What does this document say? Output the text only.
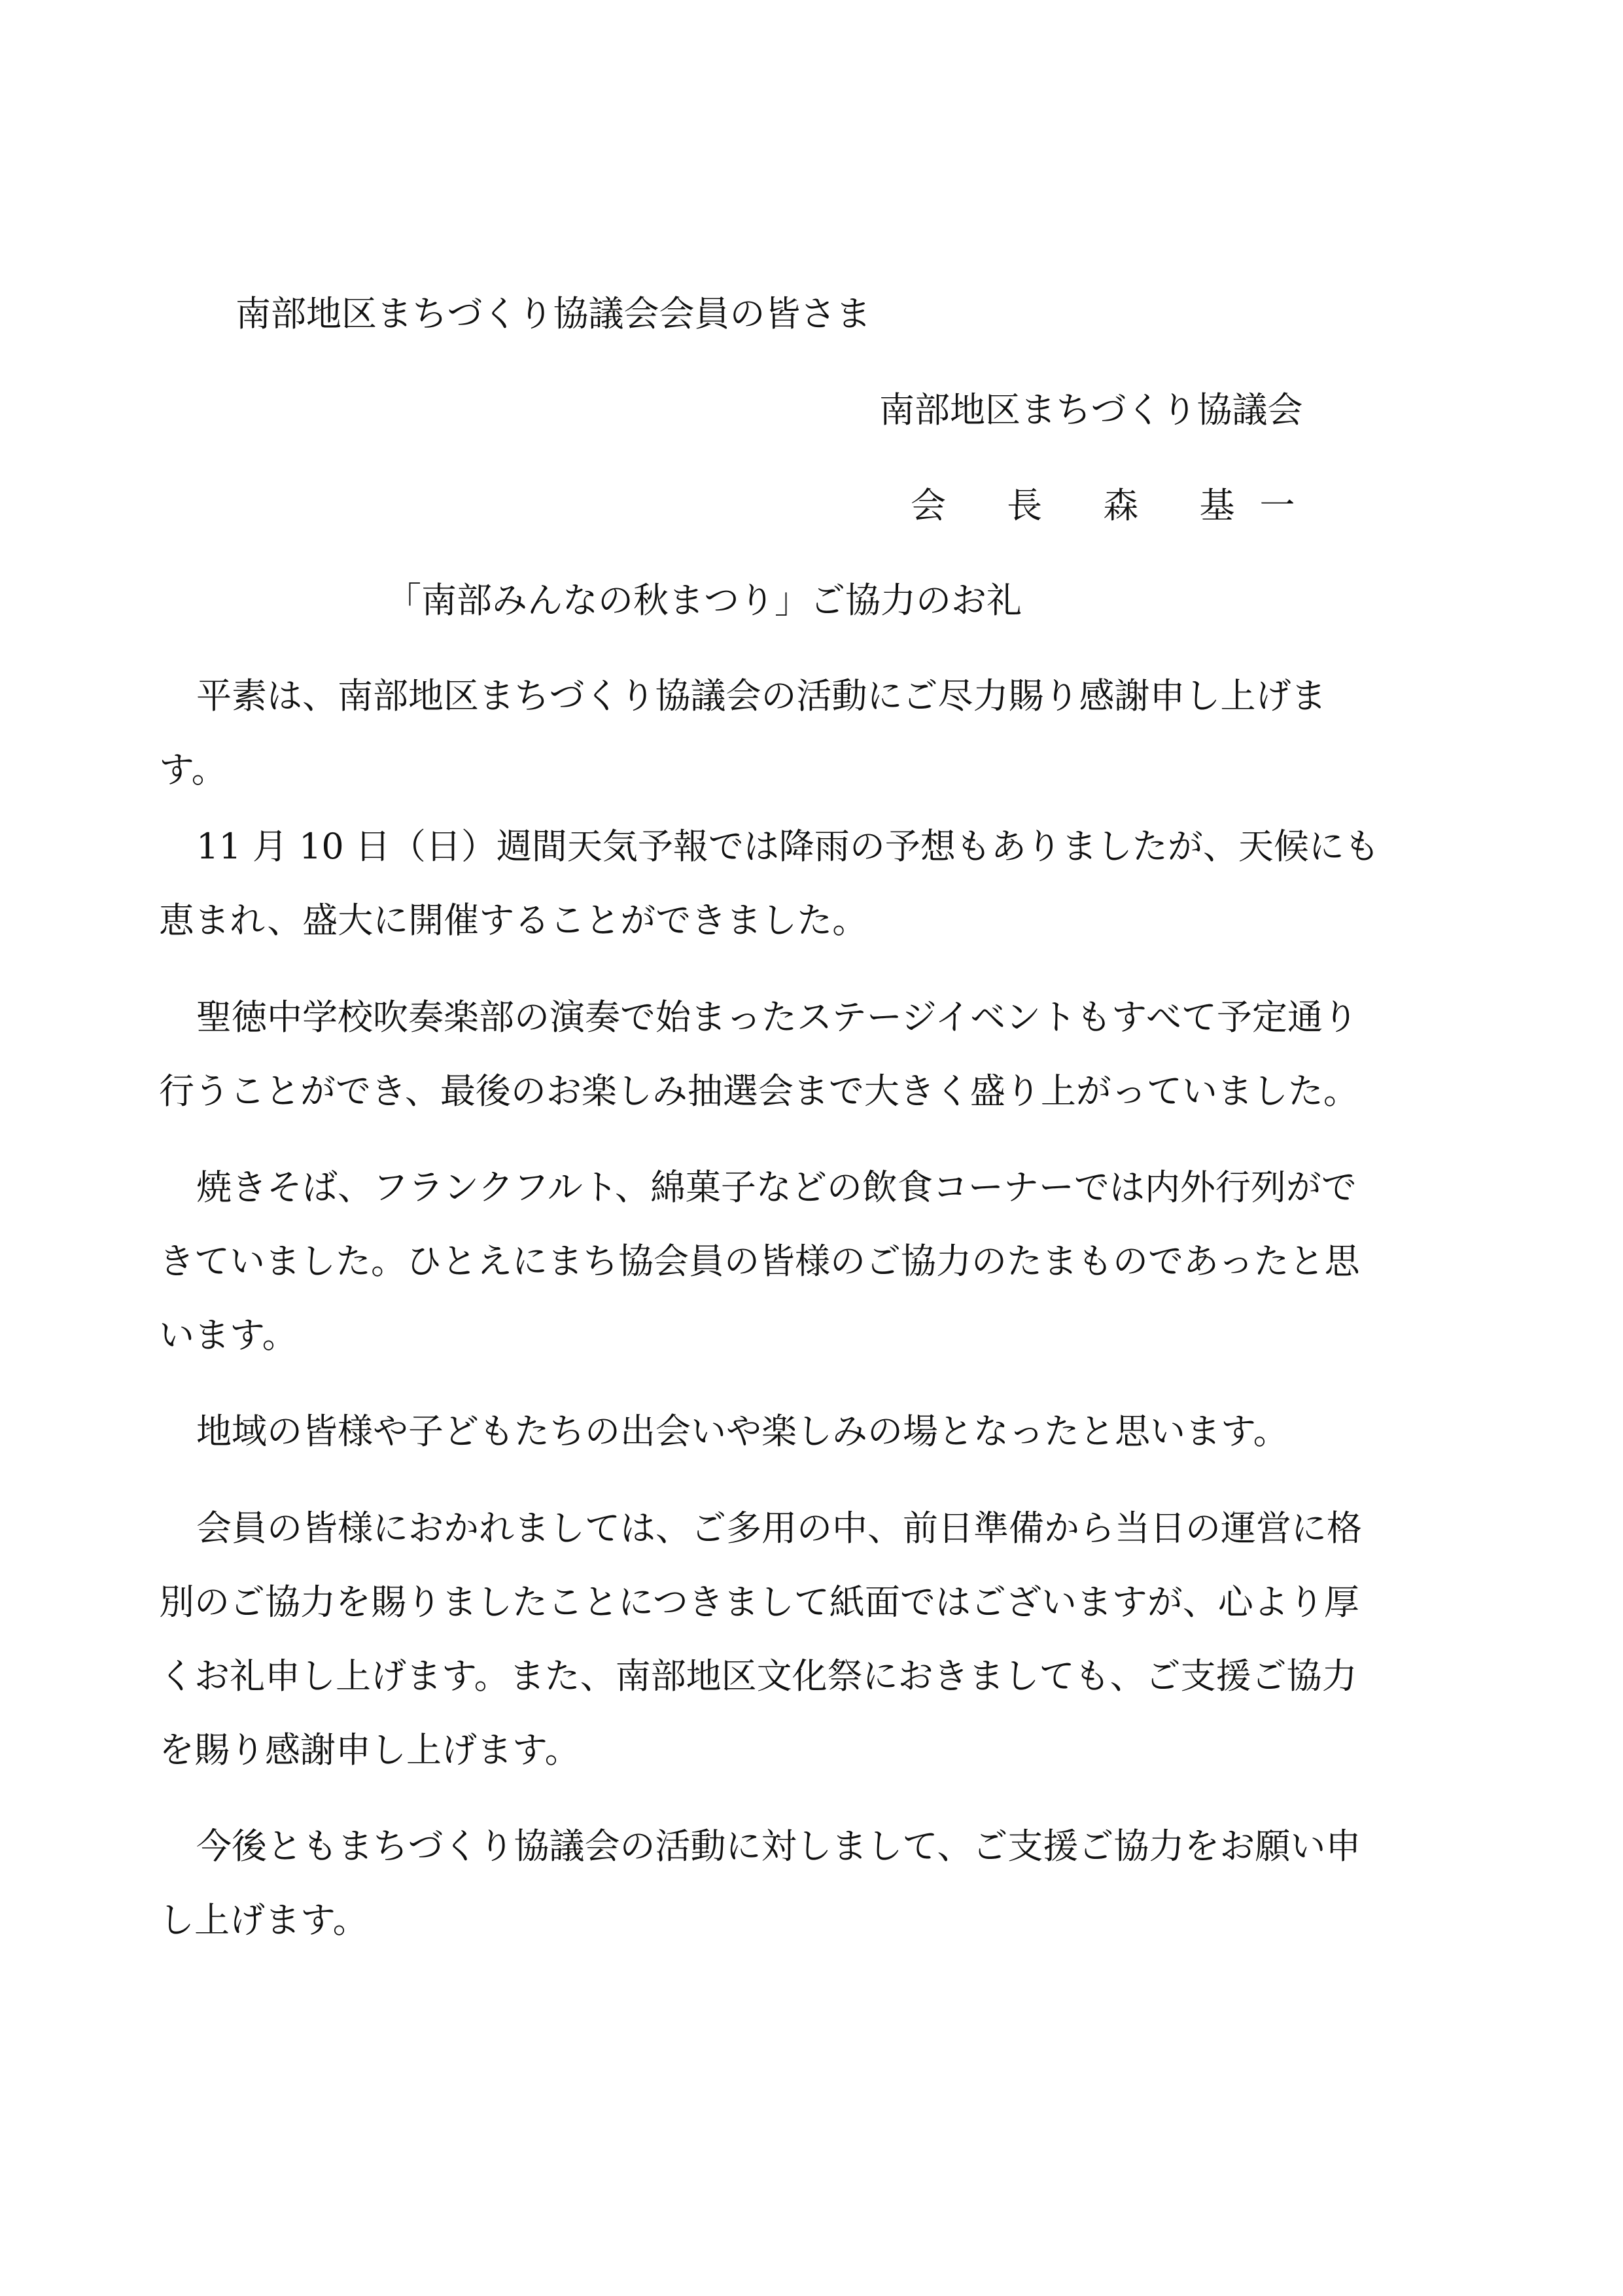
南部地区まちづくり協議会会員の皆さま
南部地区まちづくり協議会
会 長 森 基一
「南部みんなの秋まつり」ご協力のお礼
平素は、南部地区まちづくり協議会の活動にご尽力賜り感謝申し上げま
す。
11 月 10 日（日）週間天気予報では降雨の予想もありましたが、天候にも
恵まれ、盛大に開催することができました。
聖徳中学校吹奏楽部の演奏で始まったステージイベントもすべて予定通り
行うことができ、最後のお楽しみ抽選会まで大きく盛り上がっていました。
焼きそば、フランクフルト、綿菓子などの飲食コーナーでは内外行列がで
きていました。ひとえにまち協会員の皆様のご協力のたまものであったと思
います。
地域の皆様や子どもたちの出会いや楽しみの場となったと思います。
会員の皆様におかれましては、ご多用の中、前日準備から当日の運営に格
別のご協力を賜りましたことにつきまして紙面ではございますが、心より厚
くお礼申し上げます。また、南部地区文化祭におきましても、ご支援ご協力
を賜り感謝申し上げます。
今後ともまちづくり協議会の活動に対しまして、ご支援ご協力をお願い申
し上げます。
